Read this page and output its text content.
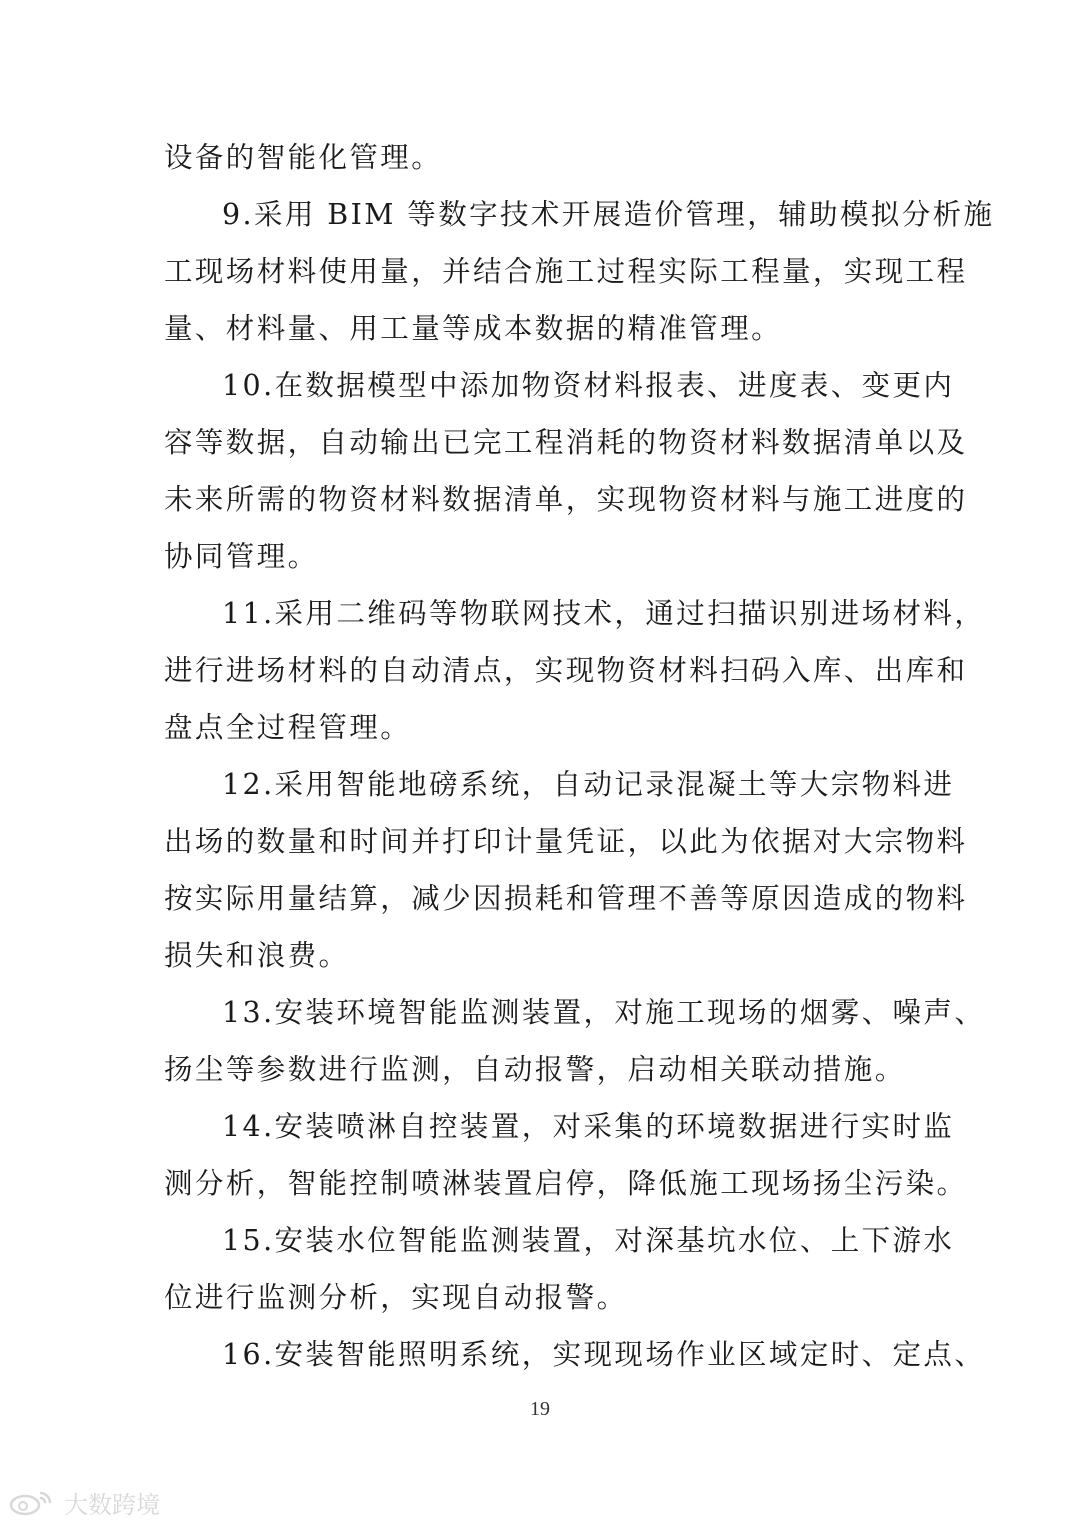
设备的智能化管理。
9.采用 BIM 等数字技术开展造价管理，辅助模拟分析施
工现场材料使用量，并结合施工过程实际工程量，实现工程
量、材料量、用工量等成本数据的精准管理。
10.在数据模型中添加物资材料报表、进度表、变更内
容等数据，自动输出已完工程消耗的物资材料数据清单以及
未来所需的物资材料数据清单，实现物资材料与施工进度的
协同管理。
11.采用二维码等物联网技术，通过扫描识别进场材料，
进行进场材料的自动清点，实现物资材料扫码入库、出库和
盘点全过程管理。
12.采用智能地磅系统，自动记录混凝土等大宗物料进
出场的数量和时间并打印计量凭证，以此为依据对大宗物料
按实际用量结算，减少因损耗和管理不善等原因造成的物料
损失和浪费。
13.安装环境智能监测装置，对施工现场的烟雾、噪声、
扬尘等参数进行监测，自动报警，启动相关联动措施。
14.安装喷淋自控装置，对采集的环境数据进行实时监
测分析，智能控制喷淋装置启停，降低施工现场扬尘污染。
15.安装水位智能监测装置，对深基坑水位、上下游水
位进行监测分析，实现自动报警。
16.安装智能照明系统，实现现场作业区域定时、定点、
19
大数跨境
